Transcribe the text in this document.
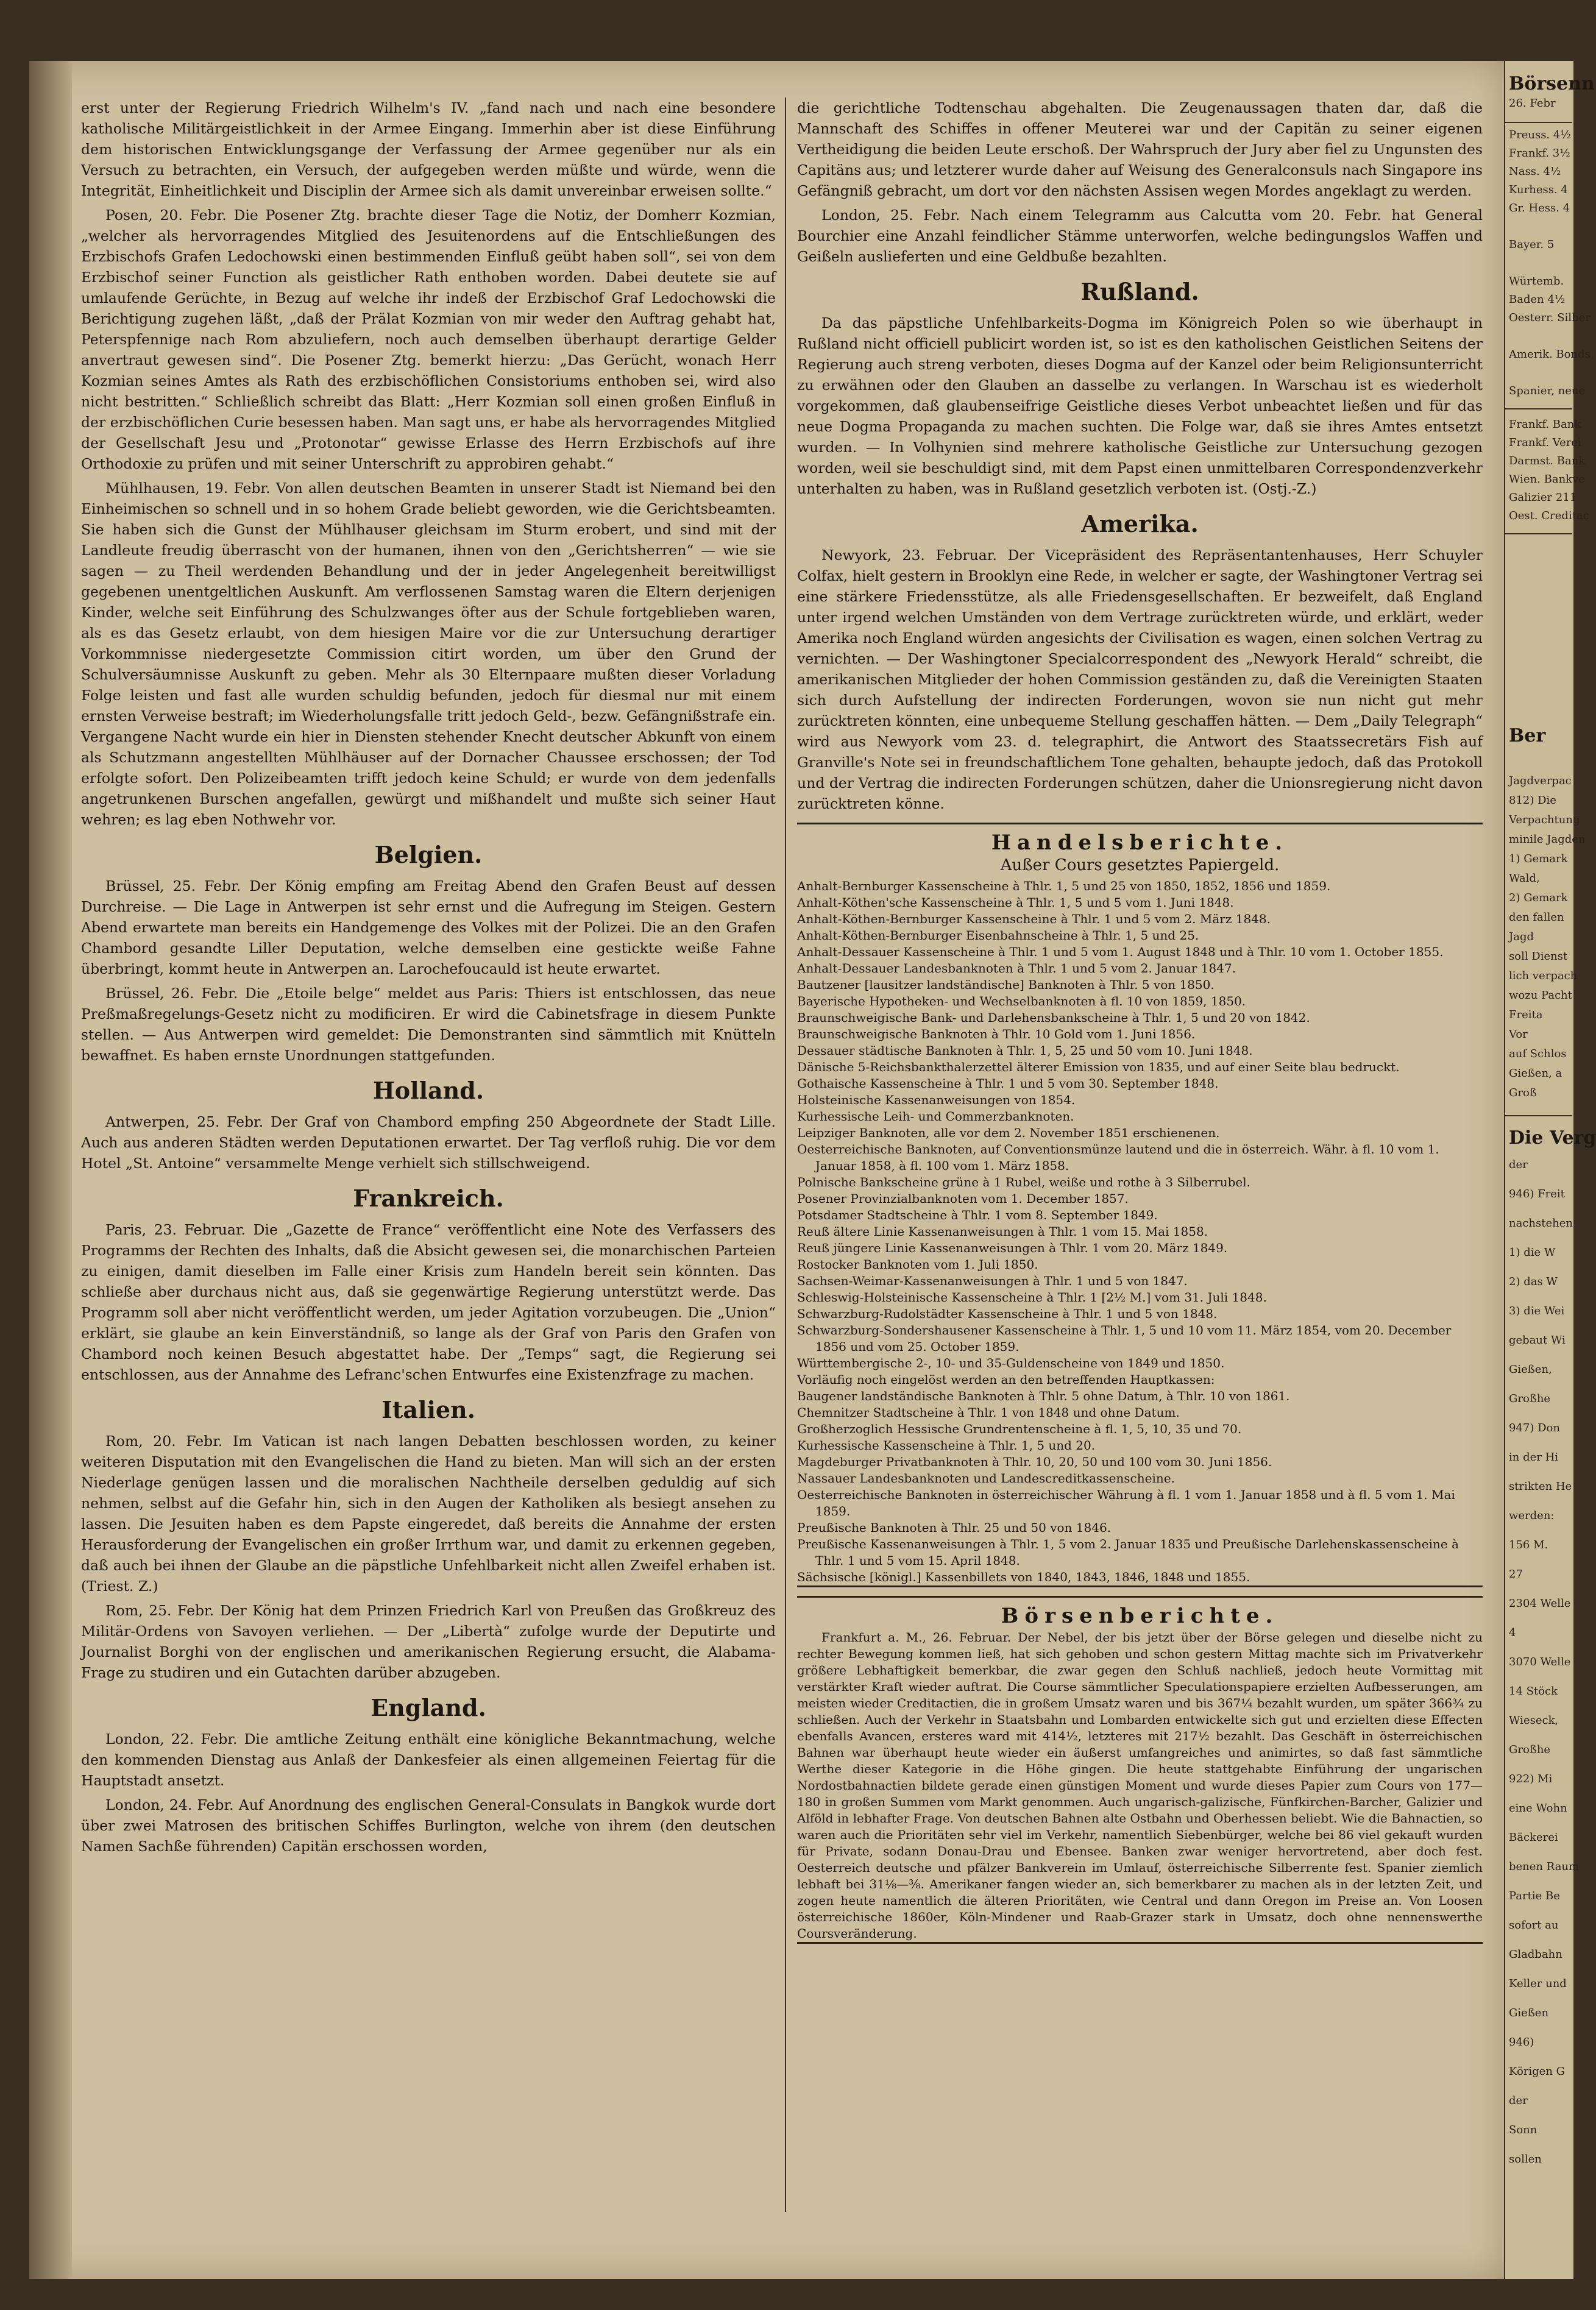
erst unter der Regierung Friedrich Wilhelm's IV. „fand nach und nach eine besondere katholische Militärgeistlichkeit in der Armee Eingang. Immerhin aber ist diese Einführung dem historischen Entwicklungsgange der Verfassung der Armee gegenüber nur als ein Versuch zu betrachten, ein Versuch, der aufgegeben werden müßte und würde, wenn die Integrität, Einheitlichkeit und Disciplin der Armee sich als damit unvereinbar erweisen sollte.“

Posen, 20. Febr. Die Posener Ztg. brachte dieser Tage die Notiz, der Domherr Kozmian, „welcher als hervorragendes Mitglied des Jesuitenordens auf die Entschließungen des Erzbischofs Grafen Ledochowski einen bestimmenden Einfluß geübt haben soll“, sei von dem Erzbischof seiner Function als geistlicher Rath enthoben worden. Dabei deutete sie auf umlaufende Gerüchte, in Bezug auf welche ihr indeß der Erzbischof Graf Ledochowski die Berichtigung zugehen läßt, „daß der Prälat Kozmian von mir weder den Auftrag gehabt hat, Peterspfennige nach Rom abzuliefern, noch auch demselben überhaupt derartige Gelder anvertraut gewesen sind“. Die Posener Ztg. bemerkt hierzu: „Das Gerücht, wonach Herr Kozmian seines Amtes als Rath des erzbischöflichen Consistoriums enthoben sei, wird also nicht bestritten.“ Schließlich schreibt das Blatt: „Herr Kozmian soll einen großen Einfluß in der erzbischöflichen Curie besessen haben. Man sagt uns, er habe als hervorragendes Mitglied der Gesellschaft Jesu und „Protonotar“ gewisse Erlasse des Herrn Erzbischofs auf ihre Orthodoxie zu prüfen und mit seiner Unterschrift zu approbiren gehabt.“

Mühlhausen, 19. Febr. Von allen deutschen Beamten in unserer Stadt ist Niemand bei den Einheimischen so schnell und in so hohem Grade beliebt geworden, wie die Gerichtsbeamten. Sie haben sich die Gunst der Mühlhauser gleichsam im Sturm erobert, und sind mit der Landleute freudig überrascht von der humanen, ihnen von den „Gerichtsherren“ — wie sie sagen — zu Theil werdenden Behandlung und der in jeder Angelegenheit bereitwilligst gegebenen unentgeltlichen Auskunft. Am verflossenen Samstag waren die Eltern derjenigen Kinder, welche seit Einführung des Schulzwanges öfter aus der Schule fortgeblieben waren, als es das Gesetz erlaubt, von dem hiesigen Maire vor die zur Untersuchung derartiger Vorkommnisse niedergesetzte Commission citirt worden, um über den Grund der Schulversäumnisse Auskunft zu geben. Mehr als 30 Elternpaare mußten dieser Vorladung Folge leisten und fast alle wurden schuldig befunden, jedoch für diesmal nur mit einem ernsten Verweise bestraft; im Wiederholungsfalle tritt jedoch Geld-, bezw. Gefängnißstrafe ein. Vergangene Nacht wurde ein hier in Diensten stehender Knecht deutscher Abkunft von einem als Schutzmann angestellten Mühlhäuser auf der Dornacher Chaussee erschossen; der Tod erfolgte sofort. Den Polizeibeamten trifft jedoch keine Schuld; er wurde von dem jedenfalls angetrunkenen Burschen angefallen, gewürgt und mißhandelt und mußte sich seiner Haut wehren; es lag eben Nothwehr vor.

Belgien.

Brüssel, 25. Febr. Der König empfing am Freitag Abend den Grafen Beust auf dessen Durchreise. — Die Lage in Antwerpen ist sehr ernst und die Aufregung im Steigen. Gestern Abend erwartete man bereits ein Handgemenge des Volkes mit der Polizei. Die an den Grafen Chambord gesandte Liller Deputation, welche demselben eine gestickte weiße Fahne überbringt, kommt heute in Antwerpen an. Larochefoucauld ist heute erwartet.

Brüssel, 26. Febr. Die „Etoile belge“ meldet aus Paris: Thiers ist entschlossen, das neue Preßmaßregelungs-Gesetz nicht zu modificiren. Er wird die Cabinetsfrage in diesem Punkte stellen. — Aus Antwerpen wird gemeldet: Die Demonstranten sind sämmtlich mit Knütteln bewaffnet. Es haben ernste Unordnungen stattgefunden.

Holland.

Antwerpen, 25. Febr. Der Graf von Chambord empfing 250 Abgeordnete der Stadt Lille. Auch aus anderen Städten werden Deputationen erwartet. Der Tag verfloß ruhig. Die vor dem Hotel „St. Antoine“ versammelte Menge verhielt sich stillschweigend.

Frankreich.

Paris, 23. Februar. Die „Gazette de France“ veröffentlicht eine Note des Verfassers des Programms der Rechten des Inhalts, daß die Absicht gewesen sei, die monarchischen Parteien zu einigen, damit dieselben im Falle einer Krisis zum Handeln bereit sein könnten. Das schließe aber durchaus nicht aus, daß sie gegenwärtige Regierung unterstützt werde. Das Programm soll aber nicht veröffentlicht werden, um jeder Agitation vorzubeugen. Die „Union“ erklärt, sie glaube an kein Einverständniß, so lange als der Graf von Paris den Grafen von Chambord noch keinen Besuch abgestattet habe. Der „Temps“ sagt, die Regierung sei entschlossen, aus der Annahme des Lefranc'schen Entwurfes eine Existenzfrage zu machen.

Italien.

Rom, 20. Febr. Im Vatican ist nach langen Debatten beschlossen worden, zu keiner weiteren Disputation mit den Evangelischen die Hand zu bieten. Man will sich an der ersten Niederlage genügen lassen und die moralischen Nachtheile derselben geduldig auf sich nehmen, selbst auf die Gefahr hin, sich in den Augen der Katholiken als besiegt ansehen zu lassen. Die Jesuiten haben es dem Papste eingeredet, daß bereits die Annahme der ersten Herausforderung der Evangelischen ein großer Irrthum war, und damit zu erkennen gegeben, daß auch bei ihnen der Glaube an die päpstliche Unfehlbarkeit nicht allen Zweifel erhaben ist. (Triest. Z.)

Rom, 25. Febr. Der König hat dem Prinzen Friedrich Karl von Preußen das Großkreuz des Militär-Ordens von Savoyen verliehen. — Der „Libertà“ zufolge wurde der Deputirte und Journalist Borghi von der englischen und amerikanischen Regierung ersucht, die Alabama-Frage zu studiren und ein Gutachten darüber abzugeben.

England.

London, 22. Febr. Die amtliche Zeitung enthält eine königliche Bekanntmachung, welche den kommenden Dienstag aus Anlaß der Dankesfeier als einen allgemeinen Feiertag für die Hauptstadt ansetzt.

London, 24. Febr. Auf Anordnung des englischen General-Consulats in Bangkok wurde dort über zwei Matrosen des britischen Schiffes Burlington, welche von ihrem (den deutschen Namen Sachße führenden) Capitän erschossen worden,

die gerichtliche Todtenschau abgehalten. Die Zeugenaussagen thaten dar, daß die Mannschaft des Schiffes in offener Meuterei war und der Capitän zu seiner eigenen Vertheidigung die beiden Leute erschoß. Der Wahrspruch der Jury aber fiel zu Ungunsten des Capitäns aus; und letzterer wurde daher auf Weisung des Generalconsuls nach Singapore ins Gefängniß gebracht, um dort vor den nächsten Assisen wegen Mordes angeklagt zu werden.

London, 25. Febr. Nach einem Telegramm aus Calcutta vom 20. Febr. hat General Bourchier eine Anzahl feindlicher Stämme unterworfen, welche bedingungslos Waffen und Geißeln auslieferten und eine Geldbuße bezahlten.

Rußland.

Da das päpstliche Unfehlbarkeits-Dogma im Königreich Polen so wie überhaupt in Rußland nicht officiell publicirt worden ist, so ist es den katholischen Geistlichen Seitens der Regierung auch streng verboten, dieses Dogma auf der Kanzel oder beim Religionsunterricht zu erwähnen oder den Glauben an dasselbe zu verlangen. In Warschau ist es wiederholt vorgekommen, daß glaubenseifrige Geistliche dieses Verbot unbeachtet ließen und für das neue Dogma Propaganda zu machen suchten. Die Folge war, daß sie ihres Amtes entsetzt wurden. — In Volhynien sind mehrere katholische Geistliche zur Untersuchung gezogen worden, weil sie beschuldigt sind, mit dem Papst einen unmittelbaren Correspondenzverkehr unterhalten zu haben, was in Rußland gesetzlich verboten ist. (Ostj.-Z.)

Amerika.

Newyork, 23. Februar. Der Vicepräsident des Repräsentantenhauses, Herr Schuyler Colfax, hielt gestern in Brooklyn eine Rede, in welcher er sagte, der Washingtoner Vertrag sei eine stärkere Friedensstütze, als alle Friedensgesellschaften. Er bezweifelt, daß England unter irgend welchen Umständen von dem Vertrage zurücktreten würde, und erklärt, weder Amerika noch England würden angesichts der Civilisation es wagen, einen solchen Vertrag zu vernichten. — Der Washingtoner Specialcorrespondent des „Newyork Herald“ schreibt, die amerikanischen Mitglieder der hohen Commission geständen zu, daß die Vereinigten Staaten sich durch Aufstellung der indirecten Forderungen, wovon sie nun nicht gut mehr zurücktreten könnten, eine unbequeme Stellung geschaffen hätten. — Dem „Daily Telegraph“ wird aus Newyork vom 23. d. telegraphirt, die Antwort des Staatssecretärs Fish auf Granville's Note sei in freundschaftlichem Tone gehalten, behaupte jedoch, daß das Protokoll und der Vertrag die indirecten Forderungen schützen, daher die Unionsregierung nicht davon zurücktreten könne.

Handelsberichte.
Außer Cours gesetztes Papiergeld.

Anhalt-Bernburger Kassenscheine à Thlr. 1, 5 und 25 von 1850, 1852, 1856 und 1859.

Anhalt-Köthen'sche Kassenscheine à Thlr. 1, 5 und 5 vom 1. Juni 1848.

Anhalt-Köthen-Bernburger Kassenscheine à Thlr. 1 und 5 vom 2. März 1848.

Anhalt-Köthen-Bernburger Eisenbahnscheine à Thlr. 1, 5 und 25.

Anhalt-Dessauer Kassenscheine à Thlr. 1 und 5 vom 1. August 1848 und à Thlr. 10 vom 1. October 1855.

Anhalt-Dessauer Landesbanknoten à Thlr. 1 und 5 vom 2. Januar 1847.

Bautzener [lausitzer landständische] Banknoten à Thlr. 5 von 1850.

Bayerische Hypotheken- und Wechselbanknoten à fl. 10 von 1859, 1850.

Braunschweigische Bank- und Darlehensbankscheine à Thlr. 1, 5 und 20 von 1842.

Braunschweigische Banknoten à Thlr. 10 Gold vom 1. Juni 1856.

Dessauer städtische Banknoten à Thlr. 1, 5, 25 und 50 vom 10. Juni 1848.

Dänische 5-Reichsbankthalerzettel älterer Emission von 1835, und auf einer Seite blau bedruckt.

Gothaische Kassenscheine à Thlr. 1 und 5 vom 30. September 1848.

Holsteinische Kassenanweisungen von 1854.

Kurhessische Leih- und Commerzbanknoten.

Leipziger Banknoten, alle vor dem 2. November 1851 erschienenen.

Oesterreichische Banknoten, auf Conventionsmünze lautend und die in österreich. Währ. à fl. 10 vom 1. Januar 1858, à fl. 100 vom 1. März 1858.

Polnische Bankscheine grüne à 1 Rubel, weiße und rothe à 3 Silberrubel.

Posener Provinzialbanknoten vom 1. December 1857.

Potsdamer Stadtscheine à Thlr. 1 vom 8. September 1849.

Reuß ältere Linie Kassenanweisungen à Thlr. 1 vom 15. Mai 1858.

Reuß jüngere Linie Kassenanweisungen à Thlr. 1 vom 20. März 1849.

Rostocker Banknoten vom 1. Juli 1850.

Sachsen-Weimar-Kassenanweisungen à Thlr. 1 und 5 von 1847.

Schleswig-Holsteinische Kassenscheine à Thlr. 1 [2½ M.] vom 31. Juli 1848.

Schwarzburg-Rudolstädter Kassenscheine à Thlr. 1 und 5 von 1848.

Schwarzburg-Sondershausener Kassenscheine à Thlr. 1, 5 und 10 vom 11. März 1854, vom 20. December 1856 und vom 25. October 1859.

Württembergische 2-, 10- und 35-Guldenscheine von 1849 und 1850.

Vorläufig noch eingelöst werden an den betreffenden Hauptkassen:

Baugener landständische Banknoten à Thlr. 5 ohne Datum, à Thlr. 10 von 1861.

Chemnitzer Stadtscheine à Thlr. 1 von 1848 und ohne Datum.

Großherzoglich Hessische Grundrentenscheine à fl. 1, 5, 10, 35 und 70.

Kurhessische Kassenscheine à Thlr. 1, 5 und 20.

Magdeburger Privatbanknoten à Thlr. 10, 20, 50 und 100 vom 30. Juni 1856.

Nassauer Landesbanknoten und Landescreditkassenscheine.

Oesterreichische Banknoten in österreichischer Währung à fl. 1 vom 1. Januar 1858 und à fl. 5 vom 1. Mai 1859.

Preußische Banknoten à Thlr. 25 und 50 von 1846.

Preußische Kassenanweisungen à Thlr. 1, 5 vom 2. Januar 1835 und Preußische Darlehenskassenscheine à Thlr. 1 und 5 vom 15. April 1848.

Sächsische [königl.] Kassenbillets von 1840, 1843, 1846, 1848 und 1855.

Börsenberichte.

Frankfurt a. M., 26. Februar. Der Nebel, der bis jetzt über der Börse gelegen und dieselbe nicht zu rechter Bewegung kommen ließ, hat sich gehoben und schon gestern Mittag machte sich im Privatverkehr größere Lebhaftigkeit bemerkbar, die zwar gegen den Schluß nachließ, jedoch heute Vormittag mit verstärkter Kraft wieder auftrat. Die Course sämmtlicher Speculationspapiere erzielten Aufbesserungen, am meisten wieder Creditactien, die in großem Umsatz waren und bis 367¼ bezahlt wurden, um später 366¾ zu schließen. Auch der Verkehr in Staatsbahn und Lombarden entwickelte sich gut und erzielten diese Effecten ebenfalls Avancen, ersteres ward mit 414½, letzteres mit 217½ bezahlt. Das Geschäft in österreichischen Bahnen war überhaupt heute wieder ein äußerst umfangreiches und animirtes, so daß fast sämmtliche Werthe dieser Kategorie in die Höhe gingen. Die heute stattgehabte Einführung der ungarischen Nordostbahnactien bildete gerade einen günstigen Moment und wurde dieses Papier zum Cours von 177—180 in großen Summen vom Markt genommen. Auch ungarisch-galizische, Fünfkirchen-Barcher, Galizier und Alföld in lebhafter Frage. Von deutschen Bahnen alte Ostbahn und Oberhessen beliebt. Wie die Bahnactien, so waren auch die Prioritäten sehr viel im Verkehr, namentlich Siebenbürger, welche bei 86 viel gekauft wurden für Private, sodann Donau-Drau und Ebensee. Banken zwar weniger hervortretend, aber doch fest. Oesterreich deutsche und pfälzer Bankverein im Umlauf, österreichische Silberrente fest. Spanier ziemlich lebhaft bei 31⅛—⅜. Amerikaner fangen wieder an, sich bemerkbarer zu machen als in der letzten Zeit, und zogen heute namentlich die älteren Prioritäten, wie Central und dann Oregon im Preise an. Von Loosen österreichische 1860er, Köln-Mindener und Raab-Grazer stark in Umsatz, doch ohne nennenswerthe Coursveränderung.

Börsenn
26. Febr
Preuss. 4½
Frankf. 3½
Nass. 4½
Kurhess. 4
Gr. Hess. 4
Bayer. 5
Würtemb.
Baden 4½
Oesterr. Silber
Amerik. Bonds
Spanier, neue
Frankf. Bank
Frankf. Verei
Darmst. Bank
Wien. Bankve
Galizier 211
Oest. Creditac
Ber
Jagdverpac
812) Die
Verpachtung
minile Jagden
1) Gemark
Wald,
2) Gemark
den fallen
Jagd
soll Dienst
lich verpach
wozu Pacht
Freita
Vor
auf Schlos
Gießen, a
Groß
Die Verg
der
946) Freit
nachstehen
1) die W
2) das W
3) die Wei
gebaut Wi
Gießen,
Großhe
947) Don
in der Hi
strikten He
werden:
156 M.
27
2304 Welle
4
3070 Welle
14 Stöck
Wieseck,
Großhe
922) Mi
eine Wohn
Bäckerei
benen Raum
Partie Be
sofort au
Gladbahn
Keller und
Gießen
946)
Körigen G
der
Sonn
sollen
